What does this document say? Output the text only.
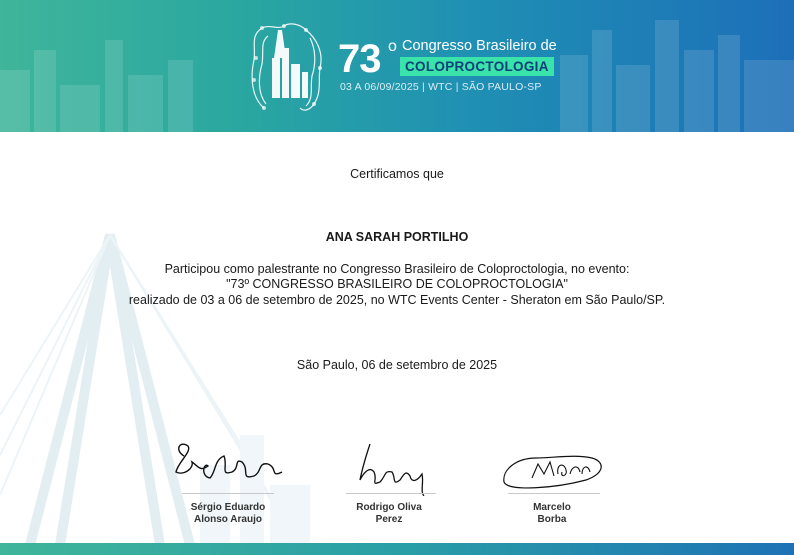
73 o Congresso Brasileiro de
COLOPROCTOLOGIA
03 A 06/09/2025 | WTC | SÃO PAULO-SP
Certificamos que
ANA SARAH PORTILHO
Participou como palestrante no Congresso Brasileiro de Coloproctologia, no evento:
"73º CONGRESSO BRASILEIRO DE COLOPROCTOLOGIA"
realizado de 03 a 06 de setembro de 2025, no WTC Events Center - Sheraton em São Paulo/SP.
São Paulo, 06 de setembro de 2025
Sérgio Eduardo
Alonso Araujo
Rodrigo Oliva
Perez
Marcelo
Borba
